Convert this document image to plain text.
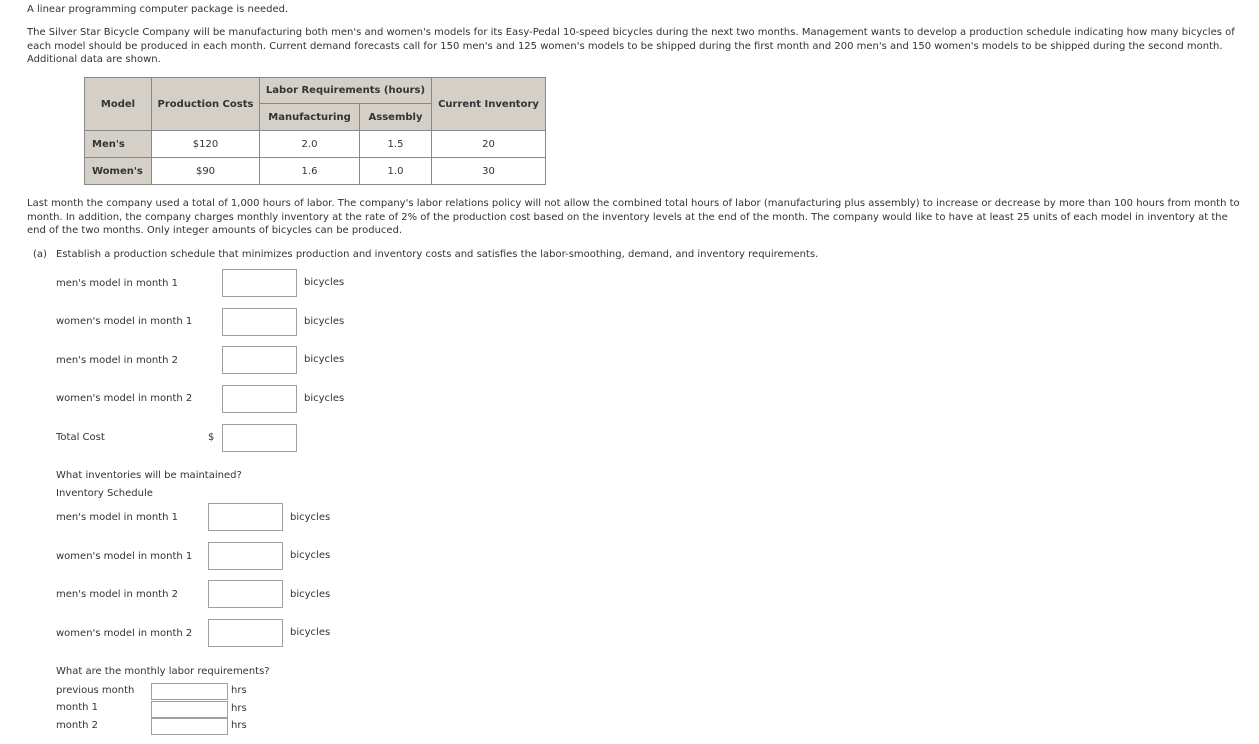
A linear programming computer package is needed.
The Silver Star Bicycle Company will be manufacturing both men's and women's models for its Easy-Pedal 10-speed bicycles during the next two months. Management wants to develop a production schedule indicating how many bicycles of each model should be produced in each month. Current demand forecasts call for 150 men's and 125 women's models to be shipped during the first month and 200 men's and 150 women's models to be shipped during the second month. Additional data are shown.
Model	Production Costs	Labor Requirements (hours)		Current Inventory
		Manufacturing	Assembly	
Men's	$120	2.0	1.5	20
Women's	$90	1.6	1.0	30
Last month the company used a total of 1,000 hours of labor. The company's labor relations policy will not allow the combined total hours of labor (manufacturing plus assembly) to increase or decrease by more than 100 hours from month to month. In addition, the company charges monthly inventory at the rate of 2% of the production cost based on the inventory levels at the end of the month. The company would like to have at least 25 units of each model in inventory at the end of the two months. Only integer amounts of bicycles can be produced.
(a) Establish a production schedule that minimizes production and inventory costs and satisfies the labor-smoothing, demand, and inventory requirements.
men's model in month 1	bicycles
women's model in month 1	bicycles
men's model in month 2	bicycles
women's model in month 2	bicycles
Total Cost	$
What inventories will be maintained?
Inventory Schedule
men's model in month 1	bicycles
women's model in month 1	bicycles
men's model in month 2	bicycles
women's model in month 2	bicycles
What are the monthly labor requirements?
previous month	hrs
month 1	hrs
month 2	hrs
